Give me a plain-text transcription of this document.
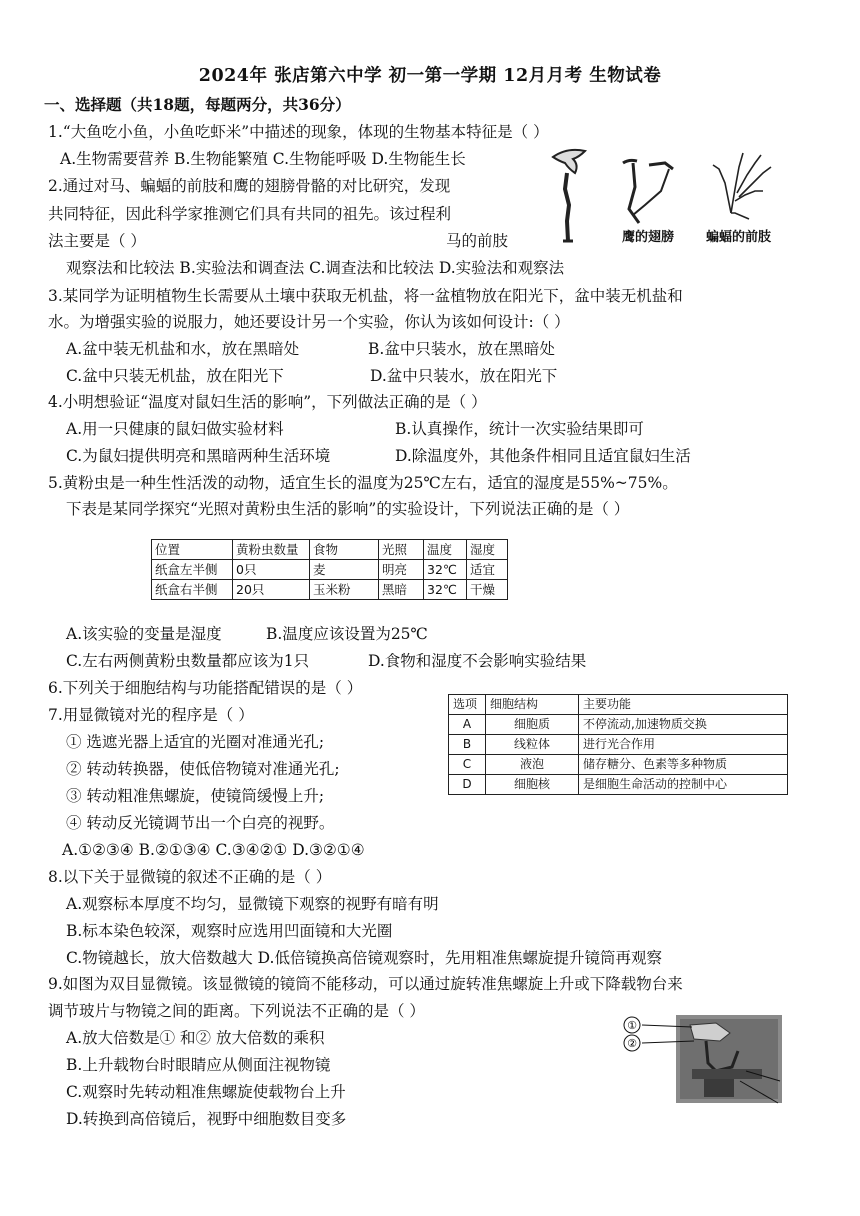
2024年 张店第六中学 初一第一学期 12月月考 生物试卷
一、选择题（共18题，每题两分，共36分）
1.“大鱼吃小鱼，小鱼吃虾米”中描述的现象，体现的生物基本特征是（ ）
A.生物需要营养 B.生物能繁殖 C.生物能呼吸 D.生物能生长
2.通过对马、蝙蝠的前肢和鹰的翅膀骨骼的对比研究，发现
共同特征，因此科学家推测它们具有共同的祖先。该过程利
法主要是（ ）	马的前肢
观察法和比较法 B.实验法和调查法 C.调查法和比较法 D.实验法和观察法
鹰的翅膀 蝙蝠的前肢
3.某同学为证明植物生长需要从土壤中获取无机盐，将一盆植物放在阳光下，盆中装无机盐和
水。为增强实验的说服力，她还要设计另一个实验，你认为该如何设计:（ ）
A.盆中装无机盐和水，放在黑暗处	B.盆中只装水，放在黑暗处
C.盆中只装无机盐，放在阳光下	D.盆中只装水，放在阳光下
4.小明想验证“温度对鼠妇生活的影响”，下列做法正确的是（ ）
A.用一只健康的鼠妇做实验材料	B.认真操作，统计一次实验结果即可
C.为鼠妇提供明亮和黑暗两种生活环境	D.除温度外，其他条件相同且适宜鼠妇生活
5.黄粉虫是一种生性活泼的动物，适宜生长的温度为25℃左右，适宜的湿度是55%~75%。
下表是某同学探究“光照对黄粉虫生活的影响”的实验设计，下列说法正确的是（ ）
位置	黄粉虫数量	食物	光照	温度	湿度
纸盒左半侧	0只	麦	明亮	32℃	适宜
纸盒右半侧	20只	玉米粉	黑暗	32℃	干燥
A.该实验的变量是湿度	B.温度应该设置为25℃
C.左右两侧黄粉虫数量都应该为1只	D.食物和湿度不会影响实验结果
6.下列关于细胞结构与功能搭配错误的是（ ）
选项	细胞结构	主要功能
A	细胞质	不停流动,加速物质交换
B	线粒体	进行光合作用
C	液泡	储存糖分、色素等多种物质
D	细胞核	是细胞生命活动的控制中心
7.用显微镜对光的程序是（ ）
① 选遮光器上适宜的光圈对准通光孔;
② 转动转换器，使低倍物镜对准通光孔;
③ 转动粗准焦螺旋，使镜筒缓慢上升;
④ 转动反光镜调节出一个白亮的视野。
A.①②③④ B.②①③④ C.③④②① D.③②①④
8.以下关于显微镜的叙述不正确的是（ ）
A.观察标本厚度不均匀，显微镜下观察的视野有暗有明
B.标本染色较深，观察时应选用凹面镜和大光圈
C.物镜越长，放大倍数越大 D.低倍镜换高倍镜观察时，先用粗准焦螺旋提升镜筒再观察
9.如图为双目显微镜。该显微镜的镜筒不能移动，可以通过旋转准焦螺旋上升或下降载物台来
调节玻片与物镜之间的距离。下列说法不正确的是（ ）
A.放大倍数是① 和② 放大倍数的乘积
B.上升载物台时眼睛应从侧面注视物镜
C.观察时先转动粗准焦螺旋使载物台上升
D.转换到高倍镜后，视野中细胞数目变多
①
②
